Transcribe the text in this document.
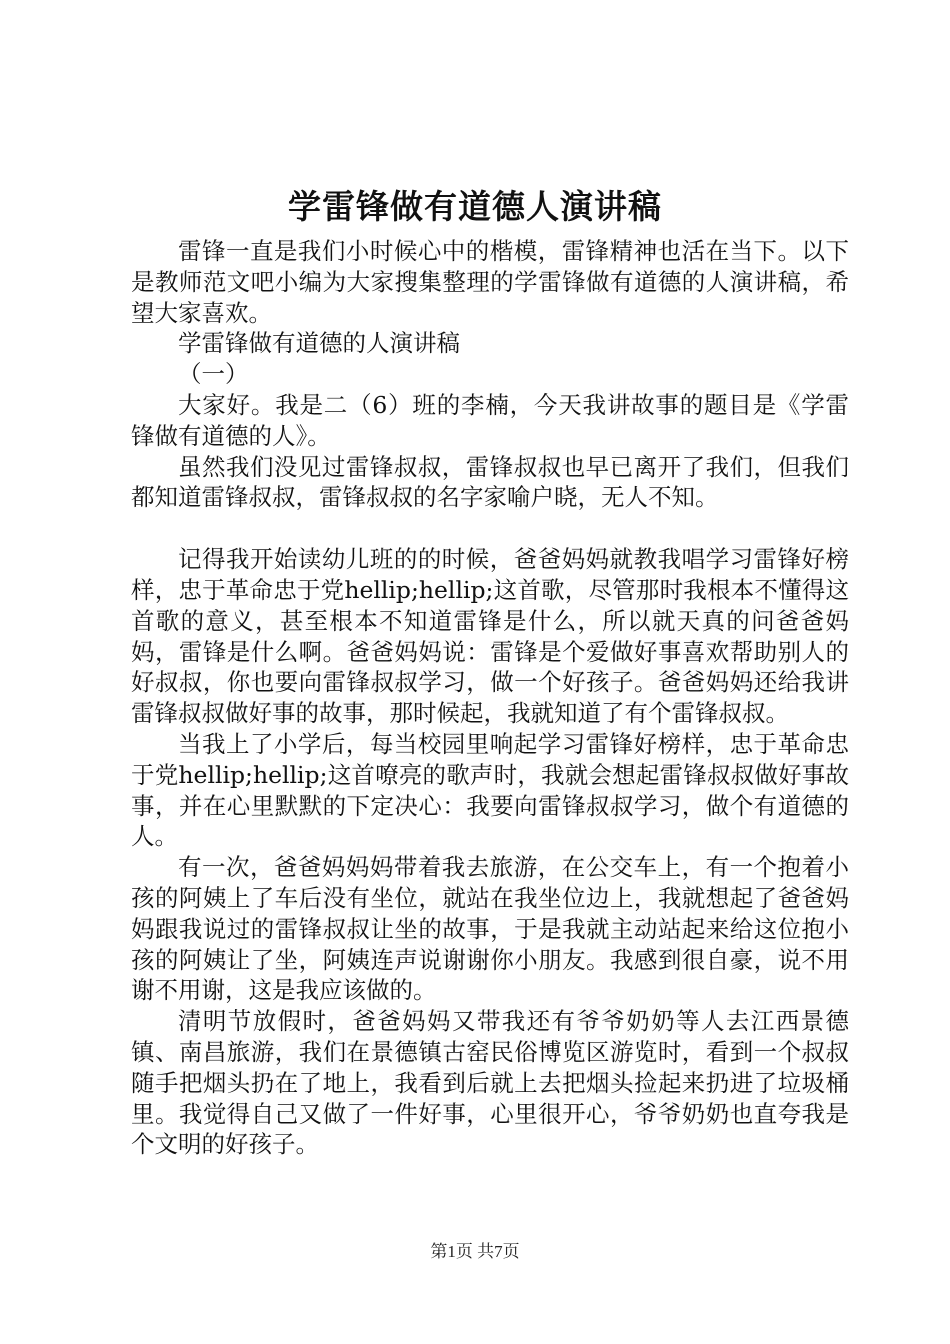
学雷锋做有道德人演讲稿

雷锋一直是我们小时候心中的楷模，雷锋精神也活在当下。以下是教师范文吧小编为大家搜集整理的学雷锋做有道德的人演讲稿，希望大家喜欢。

学雷锋做有道德的人演讲稿

（一）

大家好。我是二（6）班的李楠，今天我讲故事的题目是《学雷锋做有道德的人》。

虽然我们没见过雷锋叔叔，雷锋叔叔也早已离开了我们，但我们都知道雷锋叔叔，雷锋叔叔的名字家喻户晓，无人不知。

记得我开始读幼儿班的的时候，爸爸妈妈就教我唱学习雷锋好榜样，忠于革命忠于党hellip;hellip;这首歌，尽管那时我根本不懂得这首歌的意义，甚至根本不知道雷锋是什么，所以就天真的问爸爸妈妈，雷锋是什么啊。爸爸妈妈说：雷锋是个爱做好事喜欢帮助别人的好叔叔，你也要向雷锋叔叔学习，做一个好孩子。爸爸妈妈还给我讲雷锋叔叔做好事的故事，那时候起，我就知道了有个雷锋叔叔。

当我上了小学后，每当校园里响起学习雷锋好榜样，忠于革命忠于党hellip;hellip;这首嘹亮的歌声时，我就会想起雷锋叔叔做好事故事，并在心里默默的下定决心：我要向雷锋叔叔学习，做个有道德的人。

有一次，爸爸妈妈妈带着我去旅游，在公交车上，有一个抱着小孩的阿姨上了车后没有坐位，就站在我坐位边上，我就想起了爸爸妈妈跟我说过的雷锋叔叔让坐的故事，于是我就主动站起来给这位抱小孩的阿姨让了坐，阿姨连声说谢谢你小朋友。我感到很自豪，说不用谢不用谢，这是我应该做的。

清明节放假时，爸爸妈妈又带我还有爷爷奶奶等人去江西景德镇、南昌旅游，我们在景德镇古窑民俗博览区游览时，看到一个叔叔随手把烟头扔在了地上，我看到后就上去把烟头捡起来扔进了垃圾桶里。我觉得自己又做了一件好事，心里很开心，爷爷奶奶也直夸我是个文明的好孩子。

第1页 共7页
